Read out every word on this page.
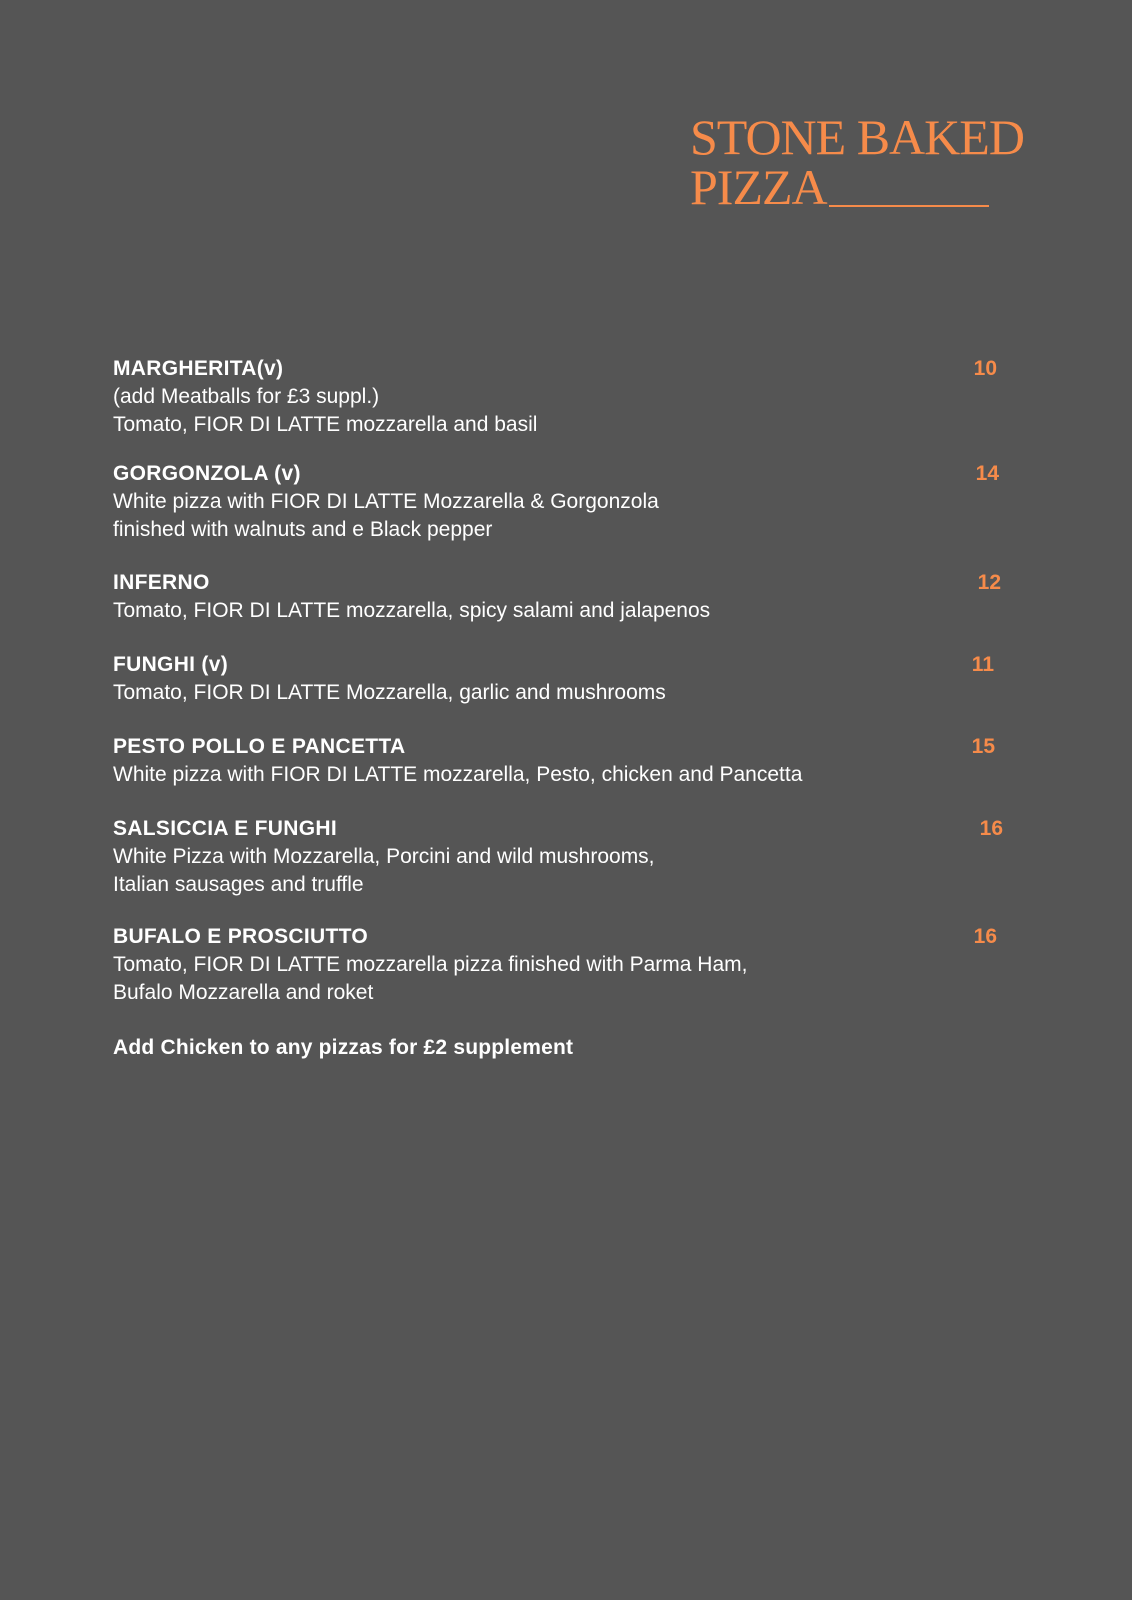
STONE BAKED
PIZZA
MARGHERITA(v)
(add Meatballs for £3 suppl.)
Tomato, FIOR DI LATTE mozzarella and basil
10
GORGONZOLA (v)
White pizza with FIOR DI LATTE Mozzarella & Gorgonzola
finished with walnuts and e Black pepper
14
INFERNO
Tomato, FIOR DI LATTE mozzarella, spicy salami and jalapenos
12
FUNGHI (v)
Tomato, FIOR DI LATTE Mozzarella, garlic and mushrooms
11
PESTO POLLO E PANCETTA
White pizza with FIOR DI LATTE mozzarella, Pesto, chicken and Pancetta
15
SALSICCIA E FUNGHI
White Pizza with Mozzarella, Porcini and wild mushrooms,
Italian sausages and truffle
16
BUFALO E PROSCIUTTO
Tomato, FIOR DI LATTE mozzarella pizza finished with Parma Ham,
Bufalo Mozzarella and roket
16

Add Chicken to any pizzas for £2 supplement
